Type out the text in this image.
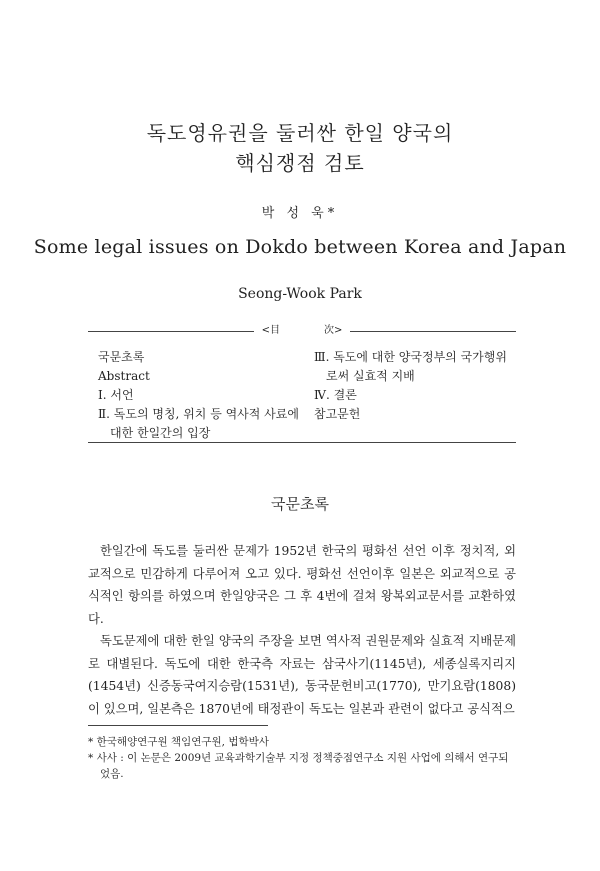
독도영유권을 둘러싼 한일 양국의
핵심쟁점 검토
박 성 욱*
Some legal issues on Dokdo between Korea and Japan
Seong-Wook Park
<目	次>
국문초록
Abstract
Ⅰ. 서언
Ⅱ. 독도의 명칭, 위치 등 역사적 사료에
대한 한일간의 입장
Ⅲ. 독도에 대한 양국정부의 국가행위
로써 실효적 지배
Ⅳ. 결론
참고문헌
국문초록

한일간에 독도를 둘러싼 문제가 1952년 한국의 평화선 선언 이후 정치적, 외교적으로 민감하게 다루어져 오고 있다. 평화선 선언이후 일본은 외교적으로 공식적인 항의를 하였으며 한일양국은 그 후 4번에 걸쳐 왕복외교문서를 교환하였다.

독도문제에 대한 한일 양국의 주장을 보면 역사적 권원문제와 실효적 지배문제로 대별된다. 독도에 대한 한국측 자료는 삼국사기(1145년), 세종실록지리지(1454년) 신증동국여지승람(1531년), 동국문헌비고(1770), 만기요람(1808)이 있으며, 일본측은 1870년에 태정관이 독도는 일본과 관련이 없다고 공식적으

* 한국해양연구원 책임연구원, 법학박사
* 사사 : 이 논문은 2009년 교육과학기술부 지정 정책중점연구소 지원 사업에 의해서 연구되었음.
